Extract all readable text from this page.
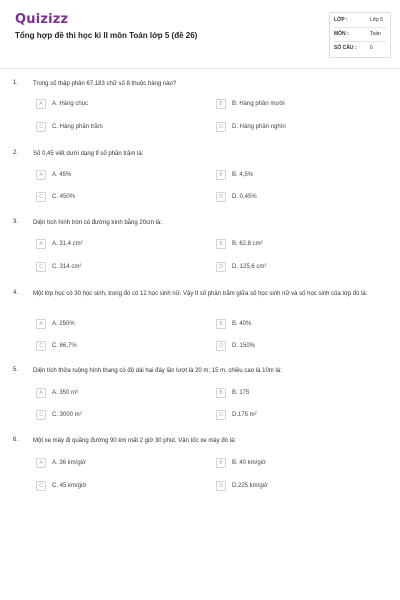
Quizizz
Tổng hợp đề thi học kì II môn Toán lớp 5 (đề 26)
LỚP :	Lớp 5
MÔN :	Toán
SỐ CÂU :	6
1. Trong số thập phân 67,183 chữ số 8 thuộc hàng nào?
A	A. Hàng chục	B	B. Hàng phần mười
C	C. Hàng phần trăm	D	D. Hàng phần nghìn
2. Số 0,45 viết dưới dạng tỉ số phần trăm là:
A	A. 45%	B	B. 4,5%
C	C. 450%	D	D. 0,45%
3. Diện tích hình tròn có đường kính bằng 20cm là:
A	A. 31,4 cm²	B	B. 62,8 cm²
C	C. 314 cm²	D	D. 125,6 cm²
4. Một lớp học có 30 học sinh, trong đó có 12 học sinh nữ. Vậy tỉ số phần trăm giữa số học sinh nữ và số học sinh của lớp đó là:
A	A. 250%	B	B. 40%
C	C. 66,7%	D	D. 150%
5. Diện tích thửa ruộng hình thang có độ dài hai đáy lần lượt là 20 m; 15 m, chiều cao là 10m là:
A	A. 350 m²	B	B. 175
C	C. 3000 m²	D	D.175 m²
6. Một xe máy đi quãng đường 90 km mất 2 giờ 30 phút. Vận tốc xe máy đó là:
A	A. 36 km/giờ	B	B. 40 km/giờ
C	C. 45 km/giờ	D	D.225 km/giờ
